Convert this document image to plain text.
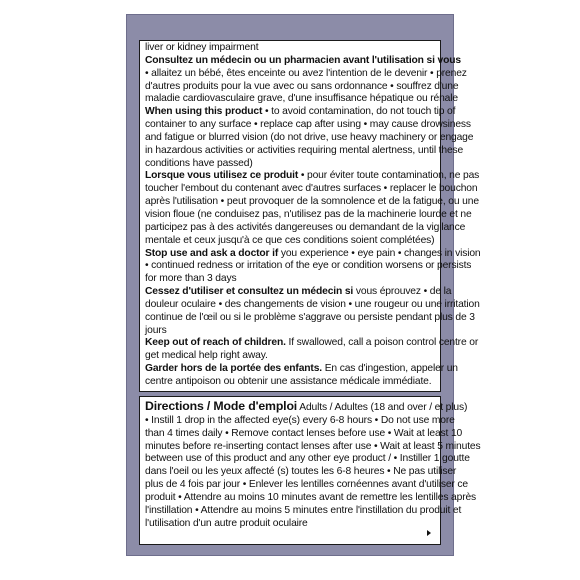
liver or kidney impairment
Consultez un médecin ou un pharmacien avant l'utilisation si vous
• allaitez un bébé, êtes enceinte ou avez l'intention de le devenir • prenez
d'autres produits pour la vue avec ou sans ordonnance • souffrez d'une
maladie cardiovasculaire grave, d'une insuffisance hépatique ou rénale
When using this product • to avoid contamination, do not touch tip of
container to any surface • replace cap after using • may cause drowsiness
and fatigue or blurred vision (do not drive, use heavy machinery or engage
in hazardous activities or activities requiring mental alertness, until these
conditions have passed)
Lorsque vous utilisez ce produit • pour éviter toute contamination, ne pas
toucher l'embout du contenant avec d'autres surfaces • replacer le bouchon
après l'utilisation • peut provoquer de la somnolence et de la fatigue, ou une
vision floue (ne conduisez pas, n'utilisez pas de la machinerie lourde et ne
participez pas à des activités dangereuses ou demandant de la vigilance
mentale et ceux jusqu'à ce que ces conditions soient complétées)
Stop use and ask a doctor if you experience • eye pain • changes in vision
• continued redness or irritation of the eye or condition worsens or persists
for more than 3 days
Cessez d'utiliser et consultez un médecin si vous éprouvez • de la
douleur oculaire • des changements de vision • une rougeur ou une irritation
continue de l'œil ou si le problème s'aggrave ou persiste pendant plus de 3
jours
Keep out of reach of children. If swallowed, call a poison control centre or
get medical help right away.
Garder hors de la portée des enfants. En cas d'ingestion, appeler un
centre antipoison ou obtenir une assistance médicale immédiate.
Directions / Mode d'emploi Adults / Adultes (18 and over / et plus)
• Instill 1 drop in the affected eye(s) every 6-8 hours • Do not use more
than 4 times daily • Remove contact lenses before use • Wait at least 10
minutes before re-inserting contact lenses after use • Wait at least 5 minutes
between use of this product and any other eye product / • Instiller 1 goutte
dans l'oeil ou les yeux affecté (s) toutes les 6-8 heures • Ne pas utiliser
plus de 4 fois par jour • Enlever les lentilles cornéennes avant d'utiliser ce
produit • Attendre au moins 10 minutes avant de remettre les lentilles après
l'instillation • Attendre au moins 5 minutes entre l'instillation du produit et
l'utilisation d'un autre produit oculaire
